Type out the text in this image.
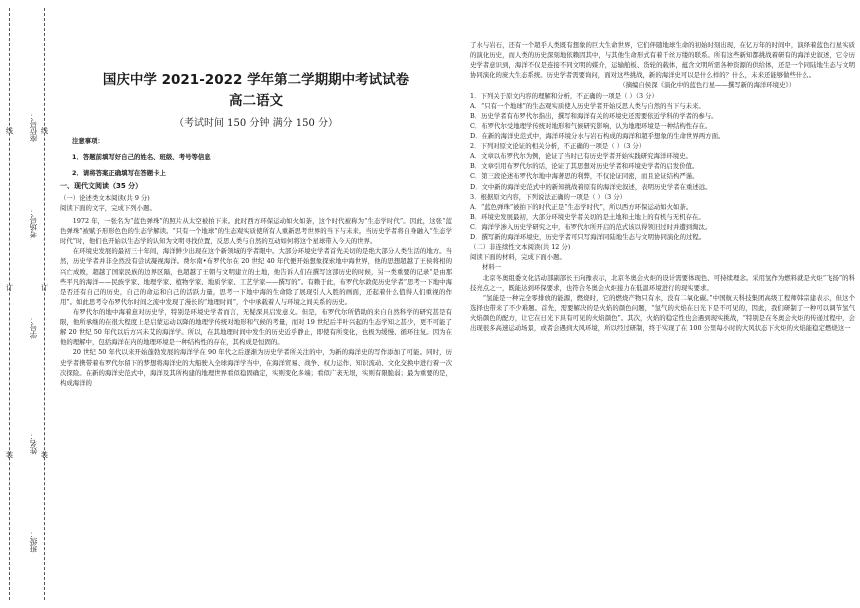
线
订
装
线
订
装
座位号：
考场号：
学号：
姓名：
班级：
国庆中学 2021-2022 学年第二学期期中考试试卷
高二语文
（考试时间 150 分钟 满分 150 分）
注意事项：
1．答题前填写好自己的姓名、班级、考号等信息
2．请将答案正确填写在答题卡上
一、现代文阅读（35 分）
（一）论述类文本阅读(共 9 分)
阅读下面的文字，完成下列小题。

1972 年，一张名为“蓝色弹珠”的照片从太空被拍下来。此时西方环保运动如火如荼，这个时代被称为“生态学时代”。因此，这张“蓝色弹珠”被赋予形形色色的生态学解读。“只有一个地球”的生态观实质使所有人重新思考世界的当下与未来。当历史学者将自身融入“生态学时代”时，他们也开始以生态学的认知为文明寻找位置，反思人类与自然的互动如何将这个星球带入今天的世界。

在环境史发展的最初三十年间，海洋鲜少出现在这个新领域的学者眼中。大部分环境史学者首先关切的是绝大部分人类生活的地方。当然，历史学者并非全然没有尝试凝视海洋。费尔南•布罗代尔在 20 世纪 40 年代便开始想象探索地中海世界，他的思想超越了王侯将相的兴亡成败，超越了国家民族的边界区隔，也超越了王朝与文明建立的土地，他告诉人们在撰写这部历史的时候，另一类重要的记录“是由那些平凡的海洋——民族学家、地理学家、植物学家、地质学家、工艺学家——撰写的”。有赖于此，布罗代尔敦促历史学者“思考一下地中海是否还有自己的历史，自己的命运和自己的活跃力量，思考一下地中海的生命除了展现引人入胜的画面，还起着什么值得人们重视的作用”。如此思考令布罗代尔时间之流中发现了漫长的“地理时间”，个中承载着人与环境之间关系的历史。

布罗代尔的地中海着意对历史学，特别是环境史学者而言，无疑深具启发意义。但是，布罗代尔所借助的来自自然科学的研究甚是有限，他所承继的在很大程度上是启蒙运动以降的地理学传统对地形和气候的考量，而对 19 世纪后半叶兴起的生态学知之甚少，更不可能了解 20 世纪 50 年代以后方兴未艾的海洋学。所以，在其地理时间中发生的历史近乎静止，即使有所变化，也极为缓慢、循环往复。因为在他的理解中，包括海洋在内的地理环境是一种结构性的存在，其构成是恒固的。

20 世纪 50 年代以来开始蓬勃发展的海洋学在 90 年代之后逐渐为历史学者所关注的中，为新的海洋史的写作添加了可能。同时，历史学者携带着布罗代尔留下的梦想将海洋史的大船驶入全球海洋学当中，在海洋贸易、战争、权力运作、知识流动、文化交换中进行着一次次探险。在新的海洋史范式中，海洋及其所构建的地理世界看似稳固确定，实则变化多端；看似广袤无垠，实则有限脆弱；最为重要的是，构成海洋的

了水与岩石，还有一个超乎人类既有想象的巨大生命世界，它们伴随地球生命的初始时刻出现，在亿万年的时间中，演绎着蓝色行星实质的演化历史，而人类的历史深刻地依赖因其中，与其他生命形式有着千丝万缕的联系。所有这些新知都挑战着研有的海洋史叙述，它令历史学者意识到，海洋不仅是连接不同文明的媒介，运输舶板、货轮的载体，蕴含文明所需各种资源的供给体，还是一个同陆地生态与文明协同演化的庞大生态系统。历史学者需要询问，面对这些挑战，新的海洋史可以是什么样的？什么，未来还能够做些什么。

（摘编自侯深《演化中的蓝色行星——撰写新的海洋环境史》）
1．下列关于原文内容的理解和分析，不正确的一项是（ ）（3 分）
A．“只有一个地球”的生态观实质使人历史学者开始反思人类与自然的当下与未来。
B．历史学者有布罗代尔指出，撰写和海洋有关的环境史还需要依近学科的学者的参与。
C．布罗代尔受地理学传统对地形和气候研究影响，认为地理环境是一种结构性存在。
D．在新的海洋史范式中，海洋环境分水与岩石构成的海洋和超乎想象的生命世界两方面。
2．下列对原文论证的相关分析，不正确的一项是（ ）（3 分）
A．文章以布罗代尔为例，论证了当时已有历史学者开始实践研究海洋环境史。
B．文章引用布罗代尔的话，论证了其思想对历史学者和环境史学者的启发价值。
C．第三段论述布罗代尔地中海著思的利弊，不仅论证同密，而且论证结构严谨。
D．文中新的海洋史范式中的新知挑战着原有的海洋史叙述，表明历史学者在重述远。
3．根据原文内容，下列说法正确的一项是（ ）（3 分）
A．“蓝色弹珠”被拍下的时代正是“生态学时代”，所以西方环保运动如火如荼。
B．环境史发展最初，大部分环境史学者关切的是土地和土地上的有机与无机存在。
C．海洋学渗入历史学研究之中，布罗代尔所开启的范式该以得领旧过时并遭到淘汰。
D．撰写新的海洋环境史，历史学者可只写海洋同陆地生态与文明协同演化的过程。
（二）非连续性文本阅读(共 12 分)
阅读下面的材料，完成下面小题。
材料一

北京冬奥组委文化活动部副部长王向豫表示，北京冬奥会火炬的设计需要体现色、可持续理念。采用氢作为燃料就是火炬“飞扬”的科技亮点之一，既能达到环保要求，也符合冬奥会火炬接力在低温环境进行的现实要求。

“氢能是一种完全零排放的能源，燃烧时，它的燃烧产物只有水，没有二氧化碳。”中国航天科技集团高级工程师韩宗建表示，但这个选择也带来了不少难题。首先，需要解决的是火焰的颜色问题，“氢气的火焰在日光下是不可见的，因此，我们研制了一种可以调节氢气火焰颜色的配方，让它在日光下具有可见的火焰颜色”。其次，火焰的稳定性也会遇到现实挑战，“特别是在冬奥会火炬的传递过程中，会出现很多高速运动场景，或者会遇到大风环境，所以经过研制，终于实现了在 100 公里每小时的大风状态下火炬的火焰能稳定燃烧这一
